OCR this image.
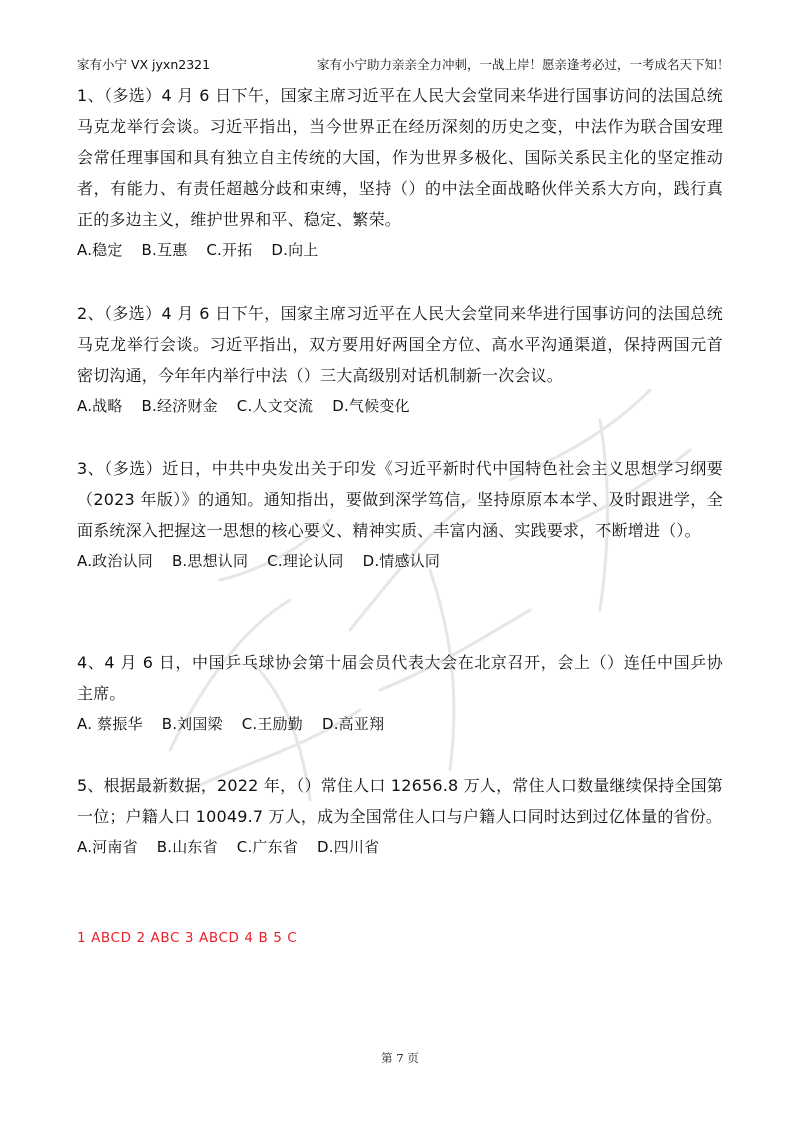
家有小宁 VX jyxn2321	家有小宁助力亲亲全力冲刺，一战上岸！愿亲逢考必过，一考成名天下知！
1、（多选）4 月 6 日下午，国家主席习近平在人民大会堂同来华进行国事访问的法国总统马克龙举行会谈。习近平指出，当今世界正在经历深刻的历史之变，中法作为联合国安理会常任理事国和具有独立自主传统的大国，作为世界多极化、国际关系民主化的坚定推动者，有能力、有责任超越分歧和束缚，坚持（）的中法全面战略伙伴关系大方向，践行真正的多边主义，维护世界和平、稳定、繁荣。
A.稳定 B.互惠 C.开拓 D.向上
2、（多选）4 月 6 日下午，国家主席习近平在人民大会堂同来华进行国事访问的法国总统马克龙举行会谈。习近平指出，双方要用好两国全方位、高水平沟通渠道，保持两国元首密切沟通，今年年内举行中法（）三大高级别对话机制新一次会议。
A.战略 B.经济财金 C.人文交流 D.气候变化
3、（多选）近日，中共中央发出关于印发《习近平新时代中国特色社会主义思想学习纲要（2023 年版）》的通知。通知指出，要做到深学笃信，坚持原原本本学、及时跟进学，全面系统深入把握这一思想的核心要义、精神实质、丰富内涵、实践要求，不断增进（）。
A.政治认同 B.思想认同 C.理论认同 D.情感认同
4、4 月 6 日，中国乒乓球协会第十届会员代表大会在北京召开，会上（）连任中国乒协主席。
A. 蔡振华 B.刘国梁 C.王励勤 D.高亚翔
5、根据最新数据，2022 年，（）常住人口 12656.8 万人，常住人口数量继续保持全国第一位；户籍人口 10049.7 万人，成为全国常住人口与户籍人口同时达到过亿体量的省份。
A.河南省 B.山东省 C.广东省 D.四川省
1 ABCD 2 ABC 3 ABCD 4 B 5 C
第 7 页
